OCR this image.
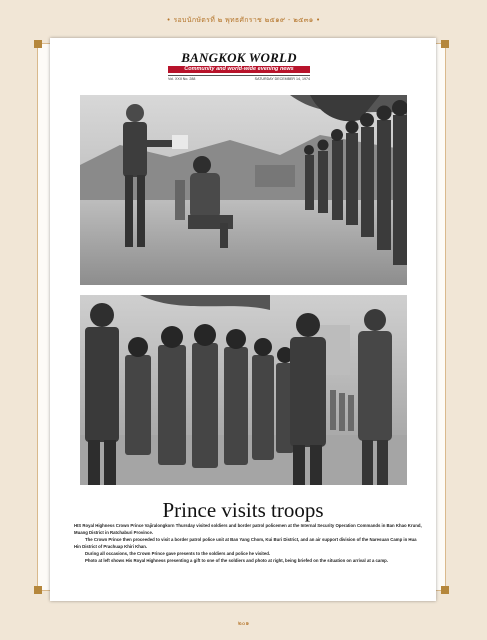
• รอบนักษัตรที่ ๒ พุทธศักราช ๒๕๑๙ - ๒๕๓๑ •
BANGKOK WORLD
Community and world-wide evening news
Vol. XXII No. 288	SATURDAY DECEMBER 14, 1974
Prince visits troops

HIS Royal Highness Crown Prince Vajiralongkorn Thursday visited soldiers and border patrol policemen at the Internal Security Operation Commands in Ban Khao Krund, Muang District in Ratchaburi Province.

The Crown Prince then proceeded to visit a border patrol police unit at Ban Yang Chom, Kui Buri District, and an air support division of the Naresuan Camp in Hua Hin District of Prachuap Khiri Khan.

During all occasions, the Crown Prince gave presents to the soldiers and police he visited.

Photo at left shows His Royal Highness presenting a gift to one of the soldiers and photo at right, being briefed on the situation on arrival at a camp.

๒๐๑
